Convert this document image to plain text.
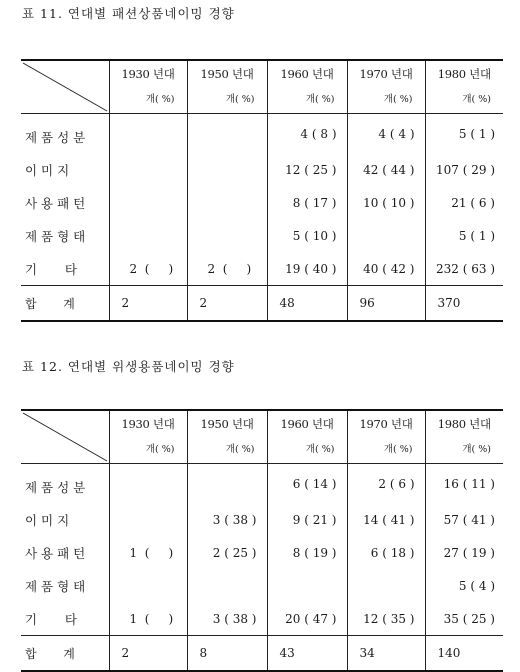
표 11. 연대별 패션상품네이밍 경향

1930 년대
개( %)	1950 년대
개( %)	1960 년대
개( %)	1970 년대
개( %)	1980 년대
개( %)

제 품 성 분			4 ( 8 )	4 ( 4 )	5 ( 1 )
이 미 지			12 ( 25 )	42 ( 44 )	107 ( 29 )
사 용 패 턴			8 ( 17 )	10 ( 10 )	21 ( 6 )
제 품 형 태			5 ( 10 )		5 ( 1 )
기       타	2  (     )	2  (     )	19 ( 40 )	40 ( 42 )	232 ( 63 )
합       계	2	2	48	96	370
표 12. 연대별 위생용품네이밍 경향

1930 년대
개( %)	1950 년대
개( %)	1960 년대
개( %)	1970 년대
개( %)	1980 년대
개( %)

제 품 성 분			6 ( 14 )	2 ( 6 )	16 ( 11 )
이 미 지		3 ( 38 )	9 ( 21 )	14 ( 41 )	57 ( 41 )
사 용 패 턴	1  (     )	2 ( 25 )	8 ( 19 )	6 ( 18 )	27 ( 19 )
제 품 형 태					5 ( 4 )
기       타	1  (     )	3 ( 38 )	20 ( 47 )	12 ( 35 )	35 ( 25 )
합       계	2	8	43	34	140
